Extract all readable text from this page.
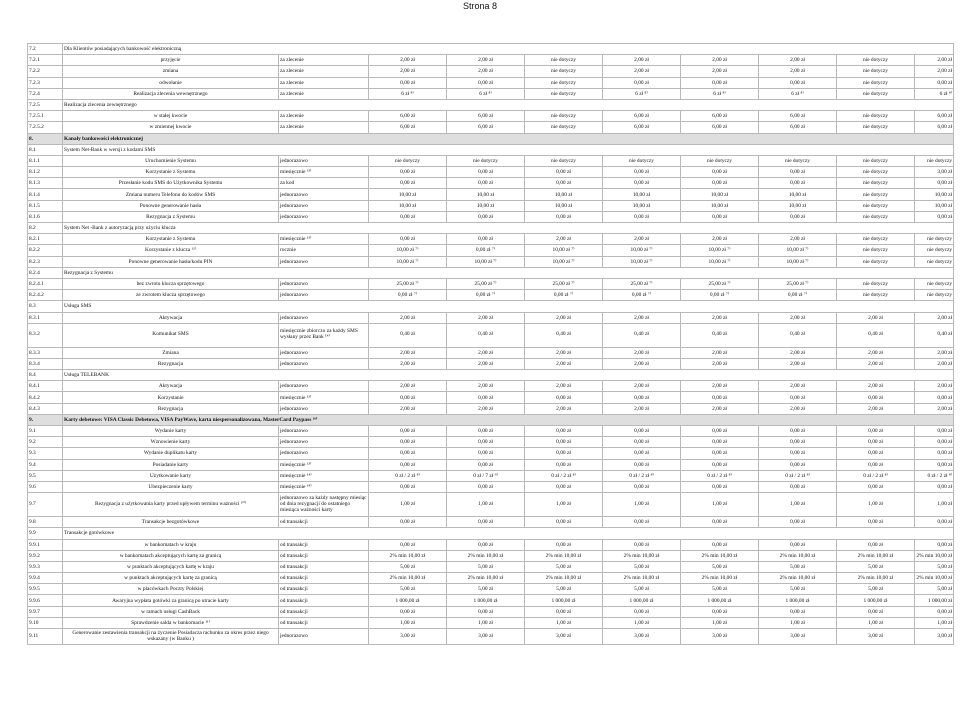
Strona 8
7.2	Dla Klientów posiadających bankowość elektroniczną									
7.2.1	przyjęcie	za zlecenie	2,00 zł	2,00 zł	nie dotyczy	2,00 zł	2,00 zł	2,00 zł	nie dotyczy	2,00 zł
7.2.2	zmiana	za zlecenie	2,00 zł	2,00 zł	nie dotyczy	2,00 zł	2,00 zł	2,00 zł	nie dotyczy	2,00 zł
7.2.3	odwołanie	za zlecenie	0,00 zł	0,00 zł	nie dotyczy	0,00 zł	0,00 zł	0,00 zł	nie dotyczy	0,00 zł
7.2.4	Realizacja zlecenia wewnętrznego	za zlecenie	6 zł ⁸⁾	6 zł ⁸⁾	nie dotyczy	6 zł ⁸⁾	6 zł ⁸⁾	6 zł ⁸⁾	nie dotyczy	6 zł ⁸⁾
7.2.5	Realizacja zlecenia zewnętrznego									
7.2.5.1	w stałej kwocie	za zlecenie	6,00 zł	6,00 zł	nie dotyczy	6,00 zł	6,00 zł	6,00 zł	nie dotyczy	6,00 zł
7.2.5.2	w zmiennej kwocie	za zlecenie	6,00 zł	6,00 zł	nie dotyczy	6,00 zł	6,00 zł	6,00 zł	nie dotyczy	6,00 zł
8.	Kanały bankowości elektronicznej									
8.1	System Net-Bank w wersji z kodami SMS									
8.1.1	Uruchomienie Systemu	jednorazowo	nie dotyczy	nie dotyczy	nie dotyczy	nie dotyczy	nie dotyczy	nie dotyczy	nie dotyczy	nie dotyczy
8.1.2	Korzystanie z Systemu	miesięcznie ¹³⁾	0,00 zł	0,00 zł	0,00 zł	0,00 zł	0,00 zł	0,00 zł	nie dotyczy	3,00 zł
8.1.3	Przesłanie kodu SMS do Użytkownika Systemu	za kod	0,00 zł	0,00 zł	0,00 zł	0,00 zł	0,00 zł	0,00 zł	nie dotyczy	0,00 zł
8.1.4	Zmiana numeru Telefonu do kodów SMS	jednorazowo	10,00 zł	10,00 zł	10,00 zł	10,00 zł	10,00 zł	10,00 zł	nie dotyczy	10,00 zł
8.1.5	Ponowne generowanie hasła	jednorazowo	10,00 zł	10,00 zł	10,00 zł	10,00 zł	10,00 zł	10,00 zł	nie dotyczy	10,00 zł
8.1.6	Rezygnacja z Systemu	jednorazowo	0,00 zł	0,00 zł	0,00 zł	0,00 zł	0,00 zł	0,00 zł	nie dotyczy	0,00 zł
8.2	System Net -Bank z autoryzacją przy użyciu klucza									
8.2.1	Korzystanie z Systemu	miesięcznie ¹³⁾	0,00 zł	0,00 zł	2,00 zł	2,00 zł	2,00 zł	2,00 zł	nie dotyczy	nie dotyczy
8.2.2	Korzystanie z klucza ¹²⁾	rocznie	10,00 zł ⁷⁾	0,00 zł ⁷⁾	10,00 zł ⁷⁾	10,00 zł ⁷⁾	10,00 zł ⁷⁾	10,00 zł ⁷⁾	nie dotyczy	nie dotyczy
8.2.3	Ponowne generowanie hasła/kodu PIN	jednorazowo	10,00 zł ⁷⁾	10,00 zł ⁷⁾	10,00 zł ⁷⁾	10,00 zł ⁷⁾	10,00 zł ⁷⁾	10,00 zł ⁷⁾	nie dotyczy	nie dotyczy
8.2.4	Rezygnacja z Systemu									
8.2.4.1	bez zwrotu klucza sprzętowego	jednorazowo	25,00 zł ⁷⁾	25,00 zł ⁷⁾	25,00 zł ⁷⁾	25,00 zł ⁷⁾	25,00 zł ⁷⁾	25,00 zł ⁷⁾	nie dotyczy	nie dotyczy
8.2.4.2	ze zwrotem klucza sprzętowego	jednorazowo	0,00 zł ⁷⁾	0,00 zł ⁷⁾	0,00 zł ⁷⁾	0,00 zł ⁷⁾	0,00 zł ⁷⁾	0,00 zł ⁷⁾	nie dotyczy	nie dotyczy
8.3	Usługa SMS									
8.3.1	Aktywacja	jednorazowo	2,00 zł	2,00 zł	2,00 zł	2,00 zł	2,00 zł	2,00 zł	2,00 zł	2,00 zł
8.3.2	Komunikat SMS	miesięcznie zbiorczo za każdy SMS wysłany przez Bank ¹⁴⁾	0,40 zł	0,40 zł	0,40 zł	0,40 zł	0,40 zł	0,40 zł	0,40 zł	0,40 zł
8.3.3	Zmiana	jednorazowo	2,00 zł	2,00 zł	2,00 zł	2,00 zł	2,00 zł	2,00 zł	2,00 zł	2,00 zł
8.3.4	Rezygnacja	jednorazowo	2,00 zł	2,00 zł	2,00 zł	2,00 zł	2,00 zł	2,00 zł	2,00 zł	2,00 zł
8.4	Usługa TELEBANK									
8.4.1	Aktywacja	jednorazowo	2,00 zł	2,00 zł	2,00 zł	2,00 zł	2,00 zł	2,00 zł	2,00 zł	2,00 zł
8.4.2	Korzystanie	miesięcznie ¹³⁾	0,00 zł	0,00 zł	0,00 zł	0,00 zł	0,00 zł	0,00 zł	0,00 zł	0,00 zł
8.4.3	Rezygnacja	jednorazowo	2,00 zł	2,00 zł	2,00 zł	2,00 zł	2,00 zł	2,00 zł	2,00 zł	2,00 zł
9.	Karty debetowe: VISA Classic Debetowa, VISA PayWave, karta niespersonalizowana, MasterCard Paypass ¹⁶⁾									
9.1	Wydanie karty	jednorazowo	0,00 zł	0,00 zł	0,00 zł	0,00 zł	0,00 zł	0,00 zł	0,00 zł	0,00 zł
9.2	Wznowienie karty	jednorazowo	0,00 zł	0,00 zł	0,00 zł	0,00 zł	0,00 zł	0,00 zł	0,00 zł	0,00 zł
9.3	Wydanie duplikatu karty	jednorazowo	0,00 zł	0,00 zł	0,00 zł	0,00 zł	0,00 zł	0,00 zł	0,00 zł	0,00 zł
9.4	Posiadanie karty	miesięcznie ¹³⁾	0,00 zł	0,00 zł	0,00 zł	0,00 zł	0,00 zł	0,00 zł	0,00 zł	0,00 zł
9.5	Użytkowanie karty	miesięcznie ¹⁴⁾	0 zł / 2 zł ⁸⁾	0 zł / 7 zł ⁹⁾	0 zł / 2 zł ⁸⁾	0 zł / 2 zł ⁸⁾	0 zł / 2 zł ⁸⁾	0 zł / 2 zł ⁸⁾	0 zł / 2 zł ⁸⁾	0 zł / 2 zł ⁸⁾
9.6	Ubezpieczenie karty	miesięcznie ¹⁴⁾	0,00 zł	0,00 zł	0,00 zł	0,00 zł	0,00 zł	0,00 zł	0,00 zł	0,00 zł
9.7	Rezygnacja z użytkowania karty przed upływem terminu ważności ¹⁰⁾	jednorazowo za każdy następny miesiąc od dnia rezygnacji do ostatniego miesiąca ważności karty	1,00 zł	1,00 zł	1,00 zł	1,00 zł	1,00 zł	1,00 zł	1,00 zł	1,00 zł
9.8	Transakcje bezgotówkowe	od transakcji	0,00 zł	0,00 zł	0,00 zł	0,00 zł	0,00 zł	0,00 zł	0,00 zł	0,00 zł
9.9	Transakcje gotówkowe									
9.9.1	w bankomatach w kraju	od transakcji	0,00 zł	0,00 zł	0,00 zł	0,00 zł	0,00 zł	0,00 zł	0,00 zł	0,00 zł
9.9.2	w bankomatach akceptujących kartę za granicą	od transakcji	2% min 10,00 zł	2% min 10,00 zł	2% min 10,00 zł	2% min 10,00 zł	2% min 10,00 zł	2% min 10,00 zł	2% min 10,00 zł	2% min 10,00 zł
9.9.3	w punktach akceptujących kartę w kraju	od transakcji	5,00 zł	5,00 zł	5,00 zł	5,00 zł	5,00 zł	5,00 zł	5,00 zł	5,00 zł
9.9.4	w punktach akceptujących kartę za granicą	od transakcji	2% min 10,00 zł	2% min 10,00 zł	2% min 10,00 zł	2% min 10,00 zł	2% min 10,00 zł	2% min 10,00 zł	2% min 10,00 zł	2% min 10,00 zł
9.9.5	w placówkach Poczty Polskiej	od transakcji	5,00 zł	5,00 zł	5,00 zł	5,00 zł	5,00 zł	5,00 zł	5,00 zł	5,00 zł
9.9.6	Awaryjna wypłata gotówki za granicą po utracie karty	od transakcji	1 000,00 zł	1 000,00 zł	1 000,00 zł	1 000,00 zł	1 000,00 zł	1 000,00 zł	1 000,00 zł	1 000,00 zł
9.9.7	w ramach usługi CashBack	od transakcji	0,00 zł	0,00 zł	0,00 zł	0,00 zł	0,00 zł	0,00 zł	0,00 zł	0,00 zł
9.10	Sprawdzenie salda w bankomacie ¹¹⁾	od transakcji	1,00 zł	1,00 zł	1,00 zł	1,00 zł	1,00 zł	1,00 zł	1,00 zł	1,00 zł
9.11	Generowanie zestawienia transakcji na życzenie Posiadacza rachunku za okres przez niego wskazany (w Banku )	jednorazowo	3,00 zł	3,00 zł	3,00 zł	3,00 zł	3,00 zł	3,00 zł	3,00 zł	3,00 zł
